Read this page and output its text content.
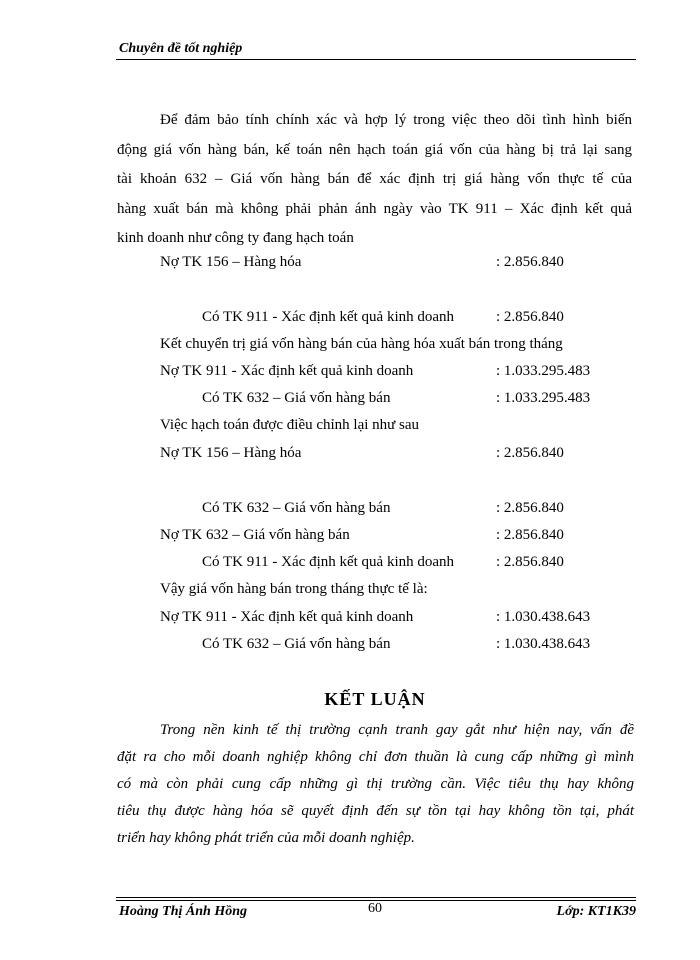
Chuyên đề tốt nghiệp
Để đảm bảo tính chính xác và hợp lý trong việc theo dõi tình hình biến
động giá vốn hàng bán, kế toán nên hạch toán giá vốn của hàng bị trả lại sang
tài khoản 632 – Giá vốn hàng bán để xác định trị giá hàng vốn thực tế của
hàng xuất bán mà không phải phản ánh ngày vào TK 911 – Xác định kết quả
kinh doanh như công ty đang hạch toán
Nợ TK 156 – Hàng hóa	: 2.856.840
Có TK 911 - Xác định kết quả kinh doanh	: 2.856.840
Kết chuyển trị giá vốn hàng bán của hàng hóa xuất bán trong tháng
Nợ TK 911 - Xác định kết quả kinh doanh	: 1.033.295.483
Có TK 632 – Giá vốn hàng bán	: 1.033.295.483
Việc hạch toán được điều chỉnh lại như sau
Nợ TK 156 – Hàng hóa	: 2.856.840
Có TK 632 – Giá vốn hàng bán	: 2.856.840
Nợ TK 632 – Giá vốn hàng bán	: 2.856.840
Có TK 911 - Xác định kết quả kinh doanh	: 2.856.840
Vậy giá vốn hàng bán trong tháng thực tế là:
Nợ TK 911 - Xác định kết quả kinh doanh	: 1.030.438.643
Có TK 632 – Giá vốn hàng bán	: 1.030.438.643
KẾT LUẬN
Trong nền kinh tế thị trường cạnh tranh gay gắt như hiện nay, vấn đề
đặt ra cho mỗi doanh nghiệp không chỉ đơn thuần là cung cấp những gì mình
có mà còn phải cung cấp những gì thị trường cần. Việc tiêu thụ hay không
tiêu thụ được hàng hóa sẽ quyết định đến sự tồn tại hay không tồn tại, phát
triển hay không phát triển của mỗi doanh nghiệp.
Hoàng Thị Ánh Hồng	60	Lớp: KT1K39
